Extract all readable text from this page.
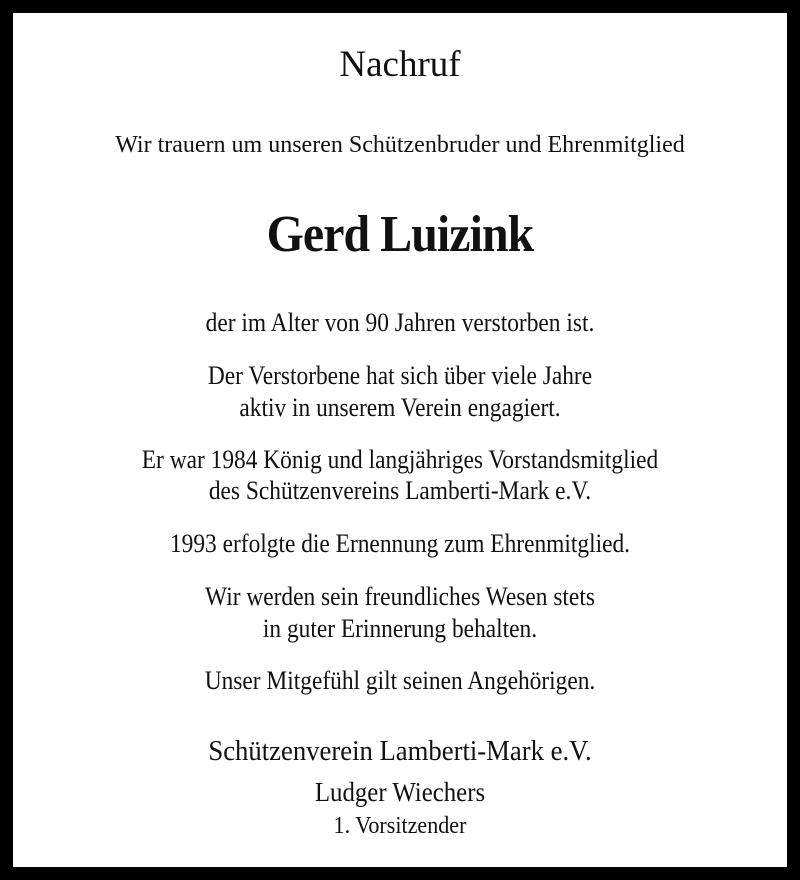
Nachruf
Wir trauern um unseren Schützenbruder und Ehrenmitglied
Gerd Luizink
der im Alter von 90 Jahren verstorben ist.
Der Verstorbene hat sich über viele Jahre
aktiv in unserem Verein engagiert.
Er war 1984 König und langjähriges Vorstandsmitglied
des Schützenvereins Lamberti-Mark e.V.
1993 erfolgte die Ernennung zum Ehrenmitglied.
Wir werden sein freundliches Wesen stets
in guter Erinnerung behalten.
Unser Mitgefühl gilt seinen Angehörigen.
Schützenverein Lamberti-Mark e.V.
Ludger Wiechers
1. Vorsitzender
